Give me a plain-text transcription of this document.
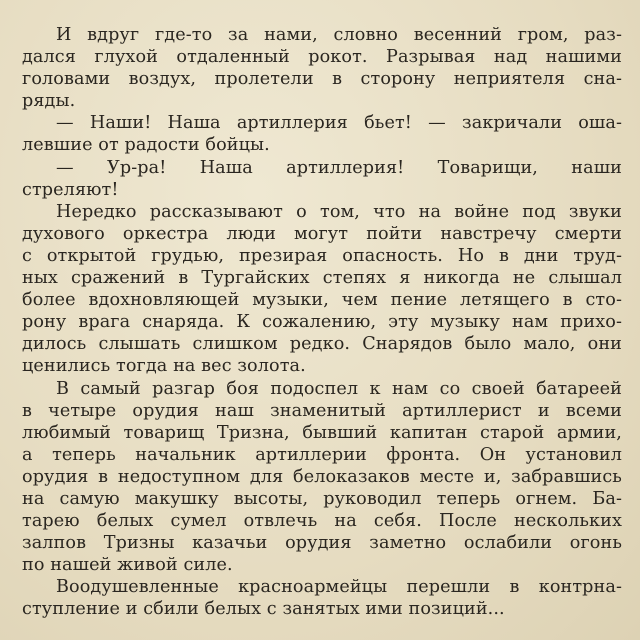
И вдруг где-то за нами, словно весенний гром, раз-
дался глухой отдаленный рокот. Разрывая над нашими
головами воздух, пролетели в сторону неприятеля сна-
ряды.
— Наши! Наша артиллерия бьет! — закричали оша-
левшие от радости бойцы.
— Ур-ра! Наша артиллерия! Товарищи, наши
стреляют!
Нередко рассказывают о том, что на войне под звуки
духового оркестра люди могут пойти навстречу смерти
с открытой грудью, презирая опасность. Но в дни труд-
ных сражений в Тургайских степях я никогда не слышал
более вдохновляющей музыки, чем пение летящего в сто-
рону врага снаряда. К сожалению, эту музыку нам прихо-
дилось слышать слишком редко. Снарядов было мало, они
ценились тогда на вес золота.
В самый разгар боя подоспел к нам со своей батареей
в четыре орудия наш знаменитый артиллерист и всеми
любимый товарищ Тризна, бывший капитан старой армии,
а теперь начальник артиллерии фронта. Он установил
орудия в недоступном для белоказаков месте и, забравшись
на самую макушку высоты, руководил теперь огнем. Ба-
тарею белых сумел отвлечь на себя. После нескольких
залпов Тризны казачьи орудия заметно ослабили огонь
по нашей живой силе.
Воодушевленные красноармейцы перешли в контрна-
ступление и сбили белых с занятых ими позиций...
